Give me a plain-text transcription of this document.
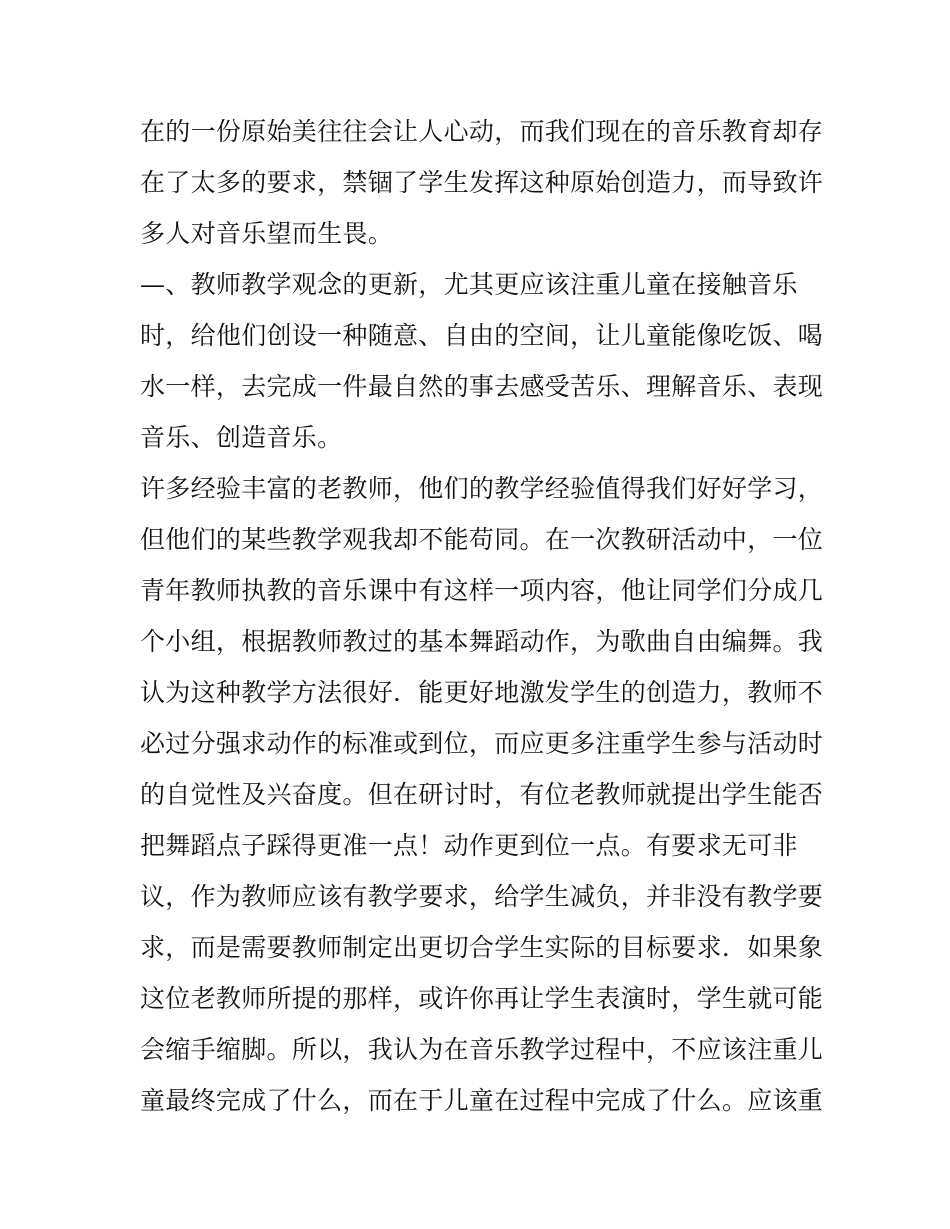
在的一份原始美往往会让人心动，而我们现在的音乐教育却存
在了太多的要求，禁锢了学生发挥这种原始创造力，而导致许
多人对音乐望而生畏。
—、教师教学观念的更新，尤其更应该注重儿童在接触音乐
时，给他们创设一种随意、自由的空间，让儿童能像吃饭、喝
水一样，去完成一件最自然的事去感受苦乐、理解音乐、表现
音乐、创造音乐。
许多经验丰富的老教师，他们的教学经验值得我们好好学习，
但他们的某些教学观我却不能苟同。在一次教研活动中，一位
青年教师执教的音乐课中有这样一项内容，他让同学们分成几
个小组，根据教师教过的基本舞蹈动作，为歌曲自由编舞。我
认为这种教学方法很好．能更好地激发学生的创造力，教师不
必过分强求动作的标准或到位，而应更多注重学生参与活动时
的自觉性及兴奋度。但在研讨时，有位老教师就提出学生能否
把舞蹈点子踩得更准一点！动作更到位一点。有要求无可非
议，作为教师应该有教学要求，给学生减负，并非没有教学要
求，而是需要教师制定出更切合学生实际的目标要求．如果象
这位老教师所提的那样，或许你再让学生表演时，学生就可能
会缩手缩脚。所以，我认为在音乐教学过程中，不应该注重儿
童最终完成了什么，而在于儿童在过程中完成了什么。应该重
